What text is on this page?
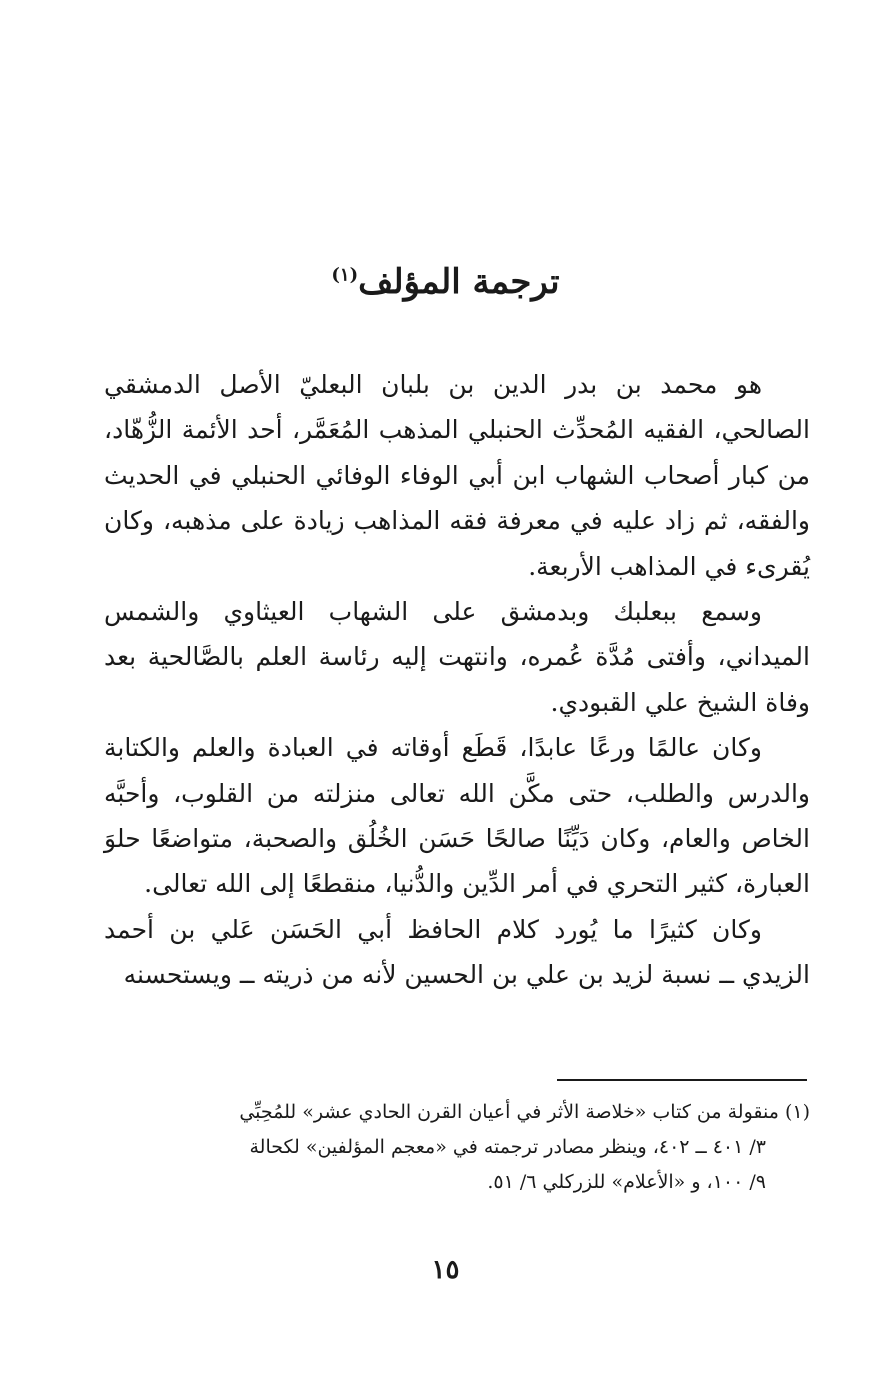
ترجمة المؤلف$^{(١)}$

هو محمد بن بدر الدين بن بلبان البعليّ الأصل الدمشقي الصالحي، الفقيه المُحدِّث الحنبلي المذهب المُعَمَّر، أحد الأئمة الزُّهّاد، من كبار أصحاب الشهاب ابن أبي الوفاء الوفائي الحنبلي في الحديث والفقه، ثم زاد عليه في معرفة فقه المذاهب زيادة على مذهبه، وكان يُقرىء في المذاهب الأربعة.

وسمع ببعلبك وبدمشق على الشهاب العيثاوي والشمس الميداني، وأفتى مُدَّة عُمره، وانتهت إليه رئاسة العلم بالصَّالحية بعد وفاة الشيخ علي القبودي.

وكان عالمًا ورعًا عابدًا، قَطَع أوقاته في العبادة والعلم والكتابة والدرس والطلب، حتى مكَّن الله تعالى منزلته من القلوب، وأحبَّه الخاص والعام، وكان دَيِّنًا صالحًا حَسَن الخُلُق والصحبة، متواضعًا حلوَ العبارة، كثير التحري في أمر الدِّين والدُّنيا، منقطعًا إلى الله تعالى.

وكان كثيرًا ما يُورد كلام الحافظ أبي الحَسَن عَلي بن أحمد الزيدي ــ نسبة لزيد بن علي بن الحسين لأنه من ذريته ــ ويستحسنه

(١) منقولة من كتاب «خلاصة الأثر في أعيان القرن الحادي عشر» للمُحِبِّي
٣/ ٤٠١ ــ ٤٠٢، وينظر مصادر ترجمته في «معجم المؤلفين» لكحالة
٩/ ١٠٠، و «الأعلام» للزركلي ٦/ ٥١.
١٥
